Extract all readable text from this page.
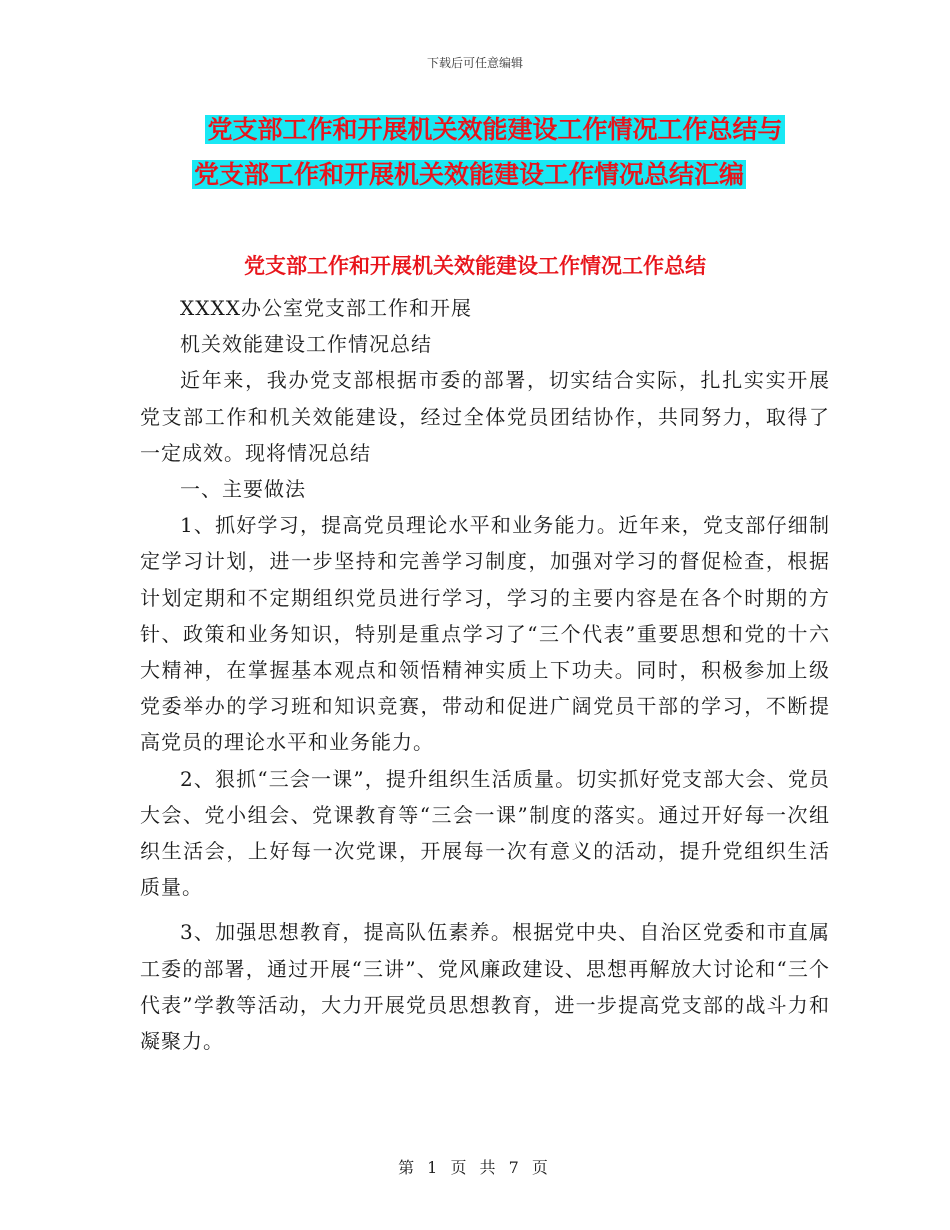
下载后可任意编辑
党支部工作和开展机关效能建设工作情况工作总结与
党支部工作和开展机关效能建设工作情况总结汇编
党支部工作和开展机关效能建设工作情况工作总结

XXXX办公室党支部工作和开展

机关效能建设工作情况总结

近年来，我办党支部根据市委的部署，切实结合实际，扎扎实实开展党支部工作和机关效能建设，经过全体党员团结协作，共同努力，取得了一定成效。现将情况总结

一、主要做法

1、抓好学习，提高党员理论水平和业务能力。近年来，党支部仔细制定学习计划，进一步坚持和完善学习制度，加强对学习的督促检查，根据计划定期和不定期组织党员进行学习，学习的主要内容是在各个时期的方针、政策和业务知识，特别是重点学习了“三个代表”重要思想和党的十六大精神，在掌握基本观点和领悟精神实质上下功夫。同时，积极参加上级党委举办的学习班和知识竞赛，带动和促进广阔党员干部的学习，不断提高党员的理论水平和业务能力。

2、狠抓“三会一课”，提升组织生活质量。切实抓好党支部大会、党员大会、党小组会、党课教育等“三会一课”制度的落实。通过开好每一次组织生活会，上好每一次党课，开展每一次有意义的活动，提升党组织生活质量。

3、加强思想教育，提高队伍素养。根据党中央、自治区党委和市直属工委的部署，通过开展“三讲”、党风廉政建设、思想再解放大讨论和“三个代表”学教等活动，大力开展党员思想教育，进一步提高党支部的战斗力和凝聚力。

第 1 页 共 7 页
